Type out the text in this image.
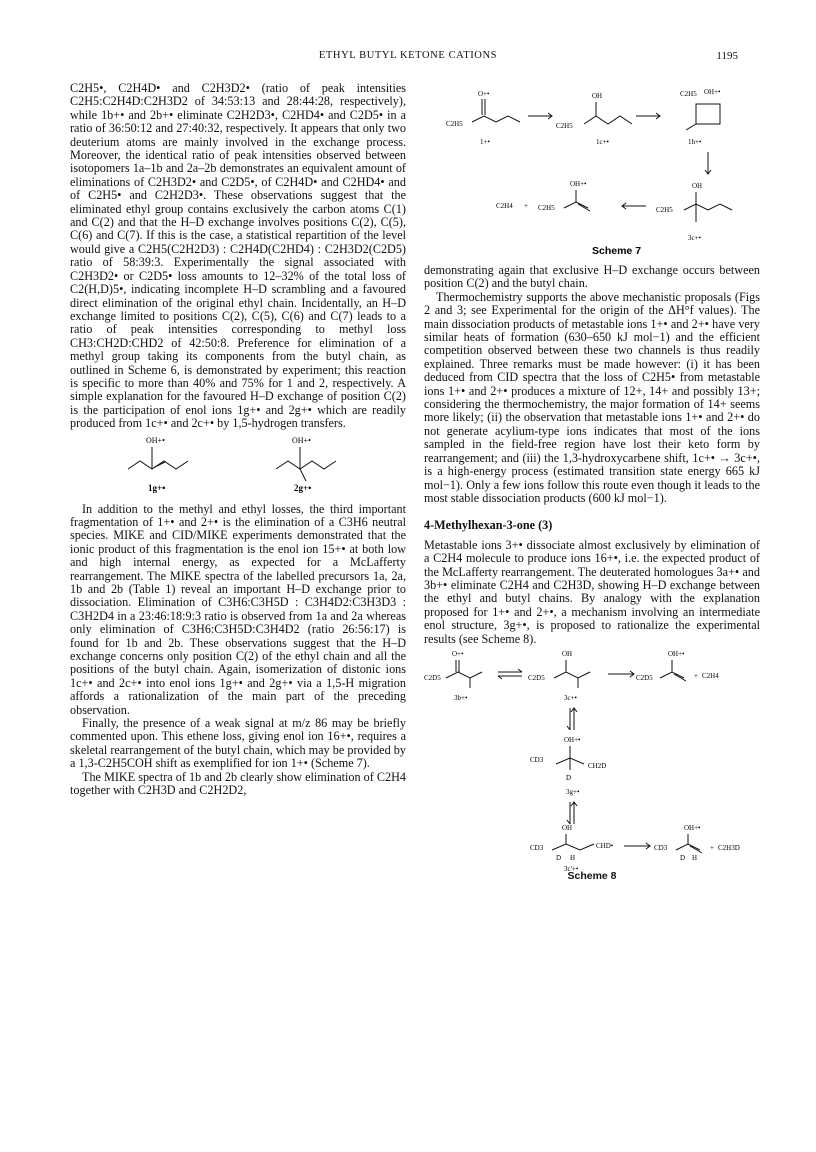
ETHYL BUTYL KETONE CATIONS	1195

C2H5•, C2H4D• and C2H3D2• (ratio of peak intensities C2H5:C2H4D:C2H3D2 of 34:53:13 and 28:44:28, respectively), while 1b+• and 2b+• eliminate C2H2D3•, C2HD4• and C2D5• in a ratio of 36:50:12 and 27:40:32, respectively. It appears that only two deuterium atoms are mainly involved in the exchange process. Moreover, the identical ratio of peak intensities observed between isotopomers 1a–1b and 2a–2b demonstrates an equivalent amount of eliminations of C2H3D2• and C2D5•, of C2H4D• and C2HD4• and of C2H5• and C2H2D3•. These observations suggest that the eliminated ethyl group contains exclusively the carbon atoms C(1) and C(2) and that the H–D exchange involves positions C(2), C(5), C(6) and C(7). If this is the case, a statistical repartition of the level would give a C2H5(C2H2D3) : C2H4D(C2HD4) : C2H3D2(C2D5) ratio of 58:39:3. Experimentally the signal associated with C2H3D2• or C2D5• loss amounts to 12–32% of the total loss of C2(H,D)5•, indicating incomplete H–D scrambling and a favoured direct elimination of the original ethyl chain. Incidentally, an H–D exchange limited to positions C(2), C(5), C(6) and C(7) leads to a ratio of peak intensities corresponding to methyl loss CH3:CH2D:CHD2 of 42:50:8. Preference for elimination of a methyl group taking its components from the butyl chain, as outlined in Scheme 6, is demonstrated by experiment; this reaction is specific to more than 40% and 75% for 1 and 2, respectively. A simple explanation for the favoured H–D exchange of position C(2) is the participation of enol ions 1g+• and 2g+• which are readily produced from 1c+• and 2c+• by 1,5-hydrogen transfers.

OH+•
1g+•
OH+•
2g+•

In addition to the methyl and ethyl losses, the third important fragmentation of 1+• and 2+• is the elimination of a C3H6 neutral species. MIKE and CID/MIKE experiments demonstrated that the ionic product of this fragmentation is the enol ion 15+• at both low and high internal energy, as expected for a McLafferty rearrangement. The MIKE spectra of the labelled precursors 1a, 2a, 1b and 2b (Table 1) reveal an important H–D exchange prior to dissociation. Elimination of C3H6:C3H5D : C3H4D2:C3H3D3 : C3H2D4 in a 23:46:18:9:3 ratio is observed from 1a and 2a whereas only elimination of C3H6:C3H5D:C3H4D2 (ratio 26:56:17) is found for 1b and 2b. These observations suggest that the H–D exchange concerns only position C(2) of the ethyl chain and all the positions of the butyl chain. Again, isomerization of distonic ions 1c+• and 2c+• into enol ions 1g+• and 2g+• via a 1,5-H migration affords a rationalization of the main part of the preceding observation.

Finally, the presence of a weak signal at m/z 86 may be briefly commented upon. This ethene loss, giving enol ion 16+•, requires a skeletal rearrangement of the butyl chain, which may be provided by a 1,3-C2H5COH shift as exemplified for ion 1+• (Scheme 7).

The MIKE spectra of 1b and 2b clearly show elimination of C2H4 together with C2H3D and C2H2D2,

O+•
C2H5
1+•
OH
C2H5
1c+•
C2H5 OH+•
1h+•
C2H4 +
OH+•
C2H5
OH
C2H5
3c+•
Scheme 7

demonstrating again that exclusive H–D exchange occurs between position C(2) and the butyl chain.

Thermochemistry supports the above mechanistic proposals (Figs 2 and 3; see Experimental for the origin of the ΔH°f values). The main dissociation products of metastable ions 1+• and 2+• have very similar heats of formation (630–650 kJ mol−1) and the efficient competition observed between these two channels is thus readily explained. Three remarks must be made however: (i) it has been deduced from CID spectra that the loss of C2H5• from metastable ions 1+• and 2+• produces a mixture of 12+, 14+ and possibly 13+; considering the thermochemistry, the major formation of 14+ seems more likely; (ii) the observation that metastable ions 1+• and 2+• do not generate acylium-type ions indicates that most of the ions sampled in the field-free region have lost their keto form by rearrangement; and (iii) the 1,3-hydroxycarbene shift, 1c+• → 3c+•, is a high-energy process (estimated transition state energy 665 kJ mol−1). Only a few ions follow this route even though it leads to the most stable dissociation products (600 kJ mol−1).

4-Methylhexan-3-one (3)

Metastable ions 3+• dissociate almost exclusively by elimination of a C2H4 molecule to produce ions 16+•, i.e. the expected product of the McLafferty rearrangement. The deuterated homologues 3a+• and 3b+• eliminate C2H4 and C2H3D, showing H–D exchange between the ethyl and butyl chains. By analogy with the explanation proposed for 1+• and 2+•, a mechanism involving an intermediate enol structure, 3g+•, is proposed to rationalize the experimental results (see Scheme 8).

O+•
C2D5
3b+•
OH
C2D5
3c+•
OH+•
C2D5	+ C2H4
OH+•
CD3
CH2D
D
3g+•
OH
CD3	CHD•
D H
3c'+•
OH+•
CD3
D H
+ C2H3D
Scheme 8
